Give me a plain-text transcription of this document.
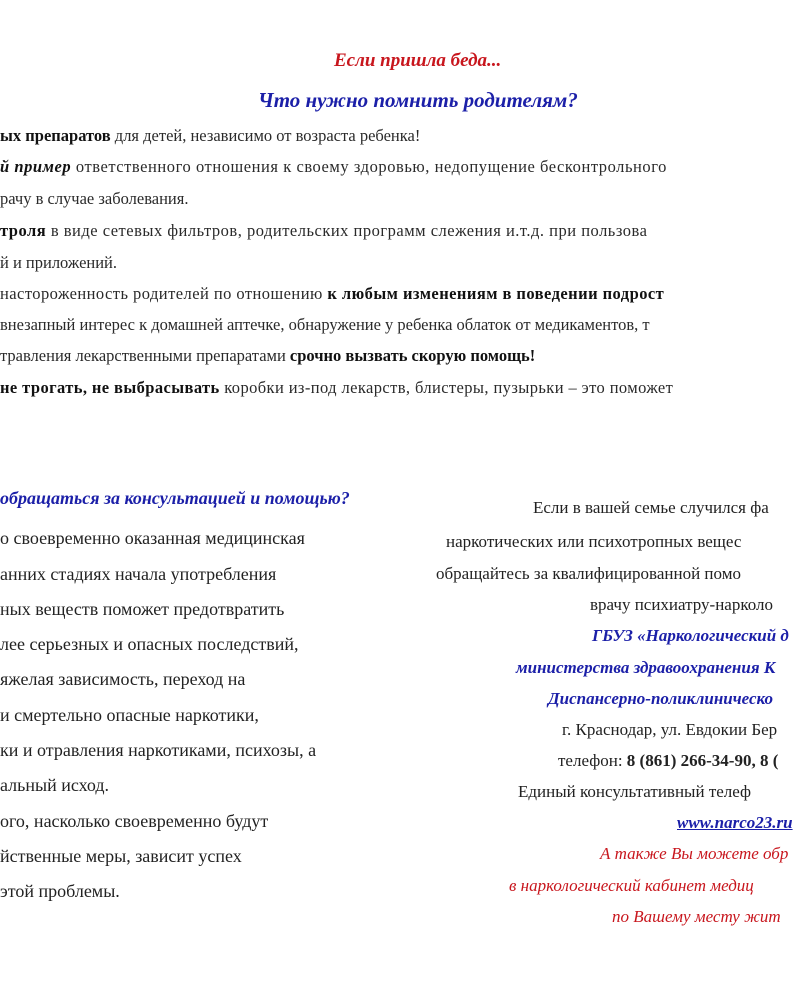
Если пришла беда...
Что нужно помнить родителям?
ых препаратов для детей, независимо от возраста ребенка!
й пример ответственного отношения к своему здоровью, недопущение бесконтрольного
рачу в случае заболевания.
троля в виде сетевых фильтров, родительских программ слежения и.т.д. при пользова
й и приложений.
настороженность родителей по отношению к любым изменениям в поведении подрост
внезапный интерес к домашней аптечке, обнаружение у ребенка облаток от медикаментов, т
травления лекарственными препаратами срочно вызвать скорую помощь!
не трогать, не выбрасывать коробки из-под лекарств, блистеры, пузырьки – это поможет
обращаться за консультацией и помощью?
о своевременно оказанная медицинская
анних стадиях начала употребления
ных веществ поможет предотвратить
лее серьезных и опасных последствий,
яжелая зависимость, переход на
и смертельно опасные наркотики,
ки и отравления наркотиками, психозы, а
альный исход.
ого, насколько своевременно будут
йственные меры, зависит успех
этой проблемы.
Если в вашей семье случился фа
наркотических или психотропных вещес
обращайтесь за квалифицированной помо
врачу психиатру-нарколо
ГБУЗ «Наркологический д
министерства здравоохранения К
Диспансерно-поликлиническо
г. Краснодар, ул. Евдокии Бер
телефон: 8 (861) 266-34-90, 8 (
Единый консультативный телеф
www.narco23.ru
А также Вы можете обр
в наркологический кабинет медиц
по Вашему месту жит
